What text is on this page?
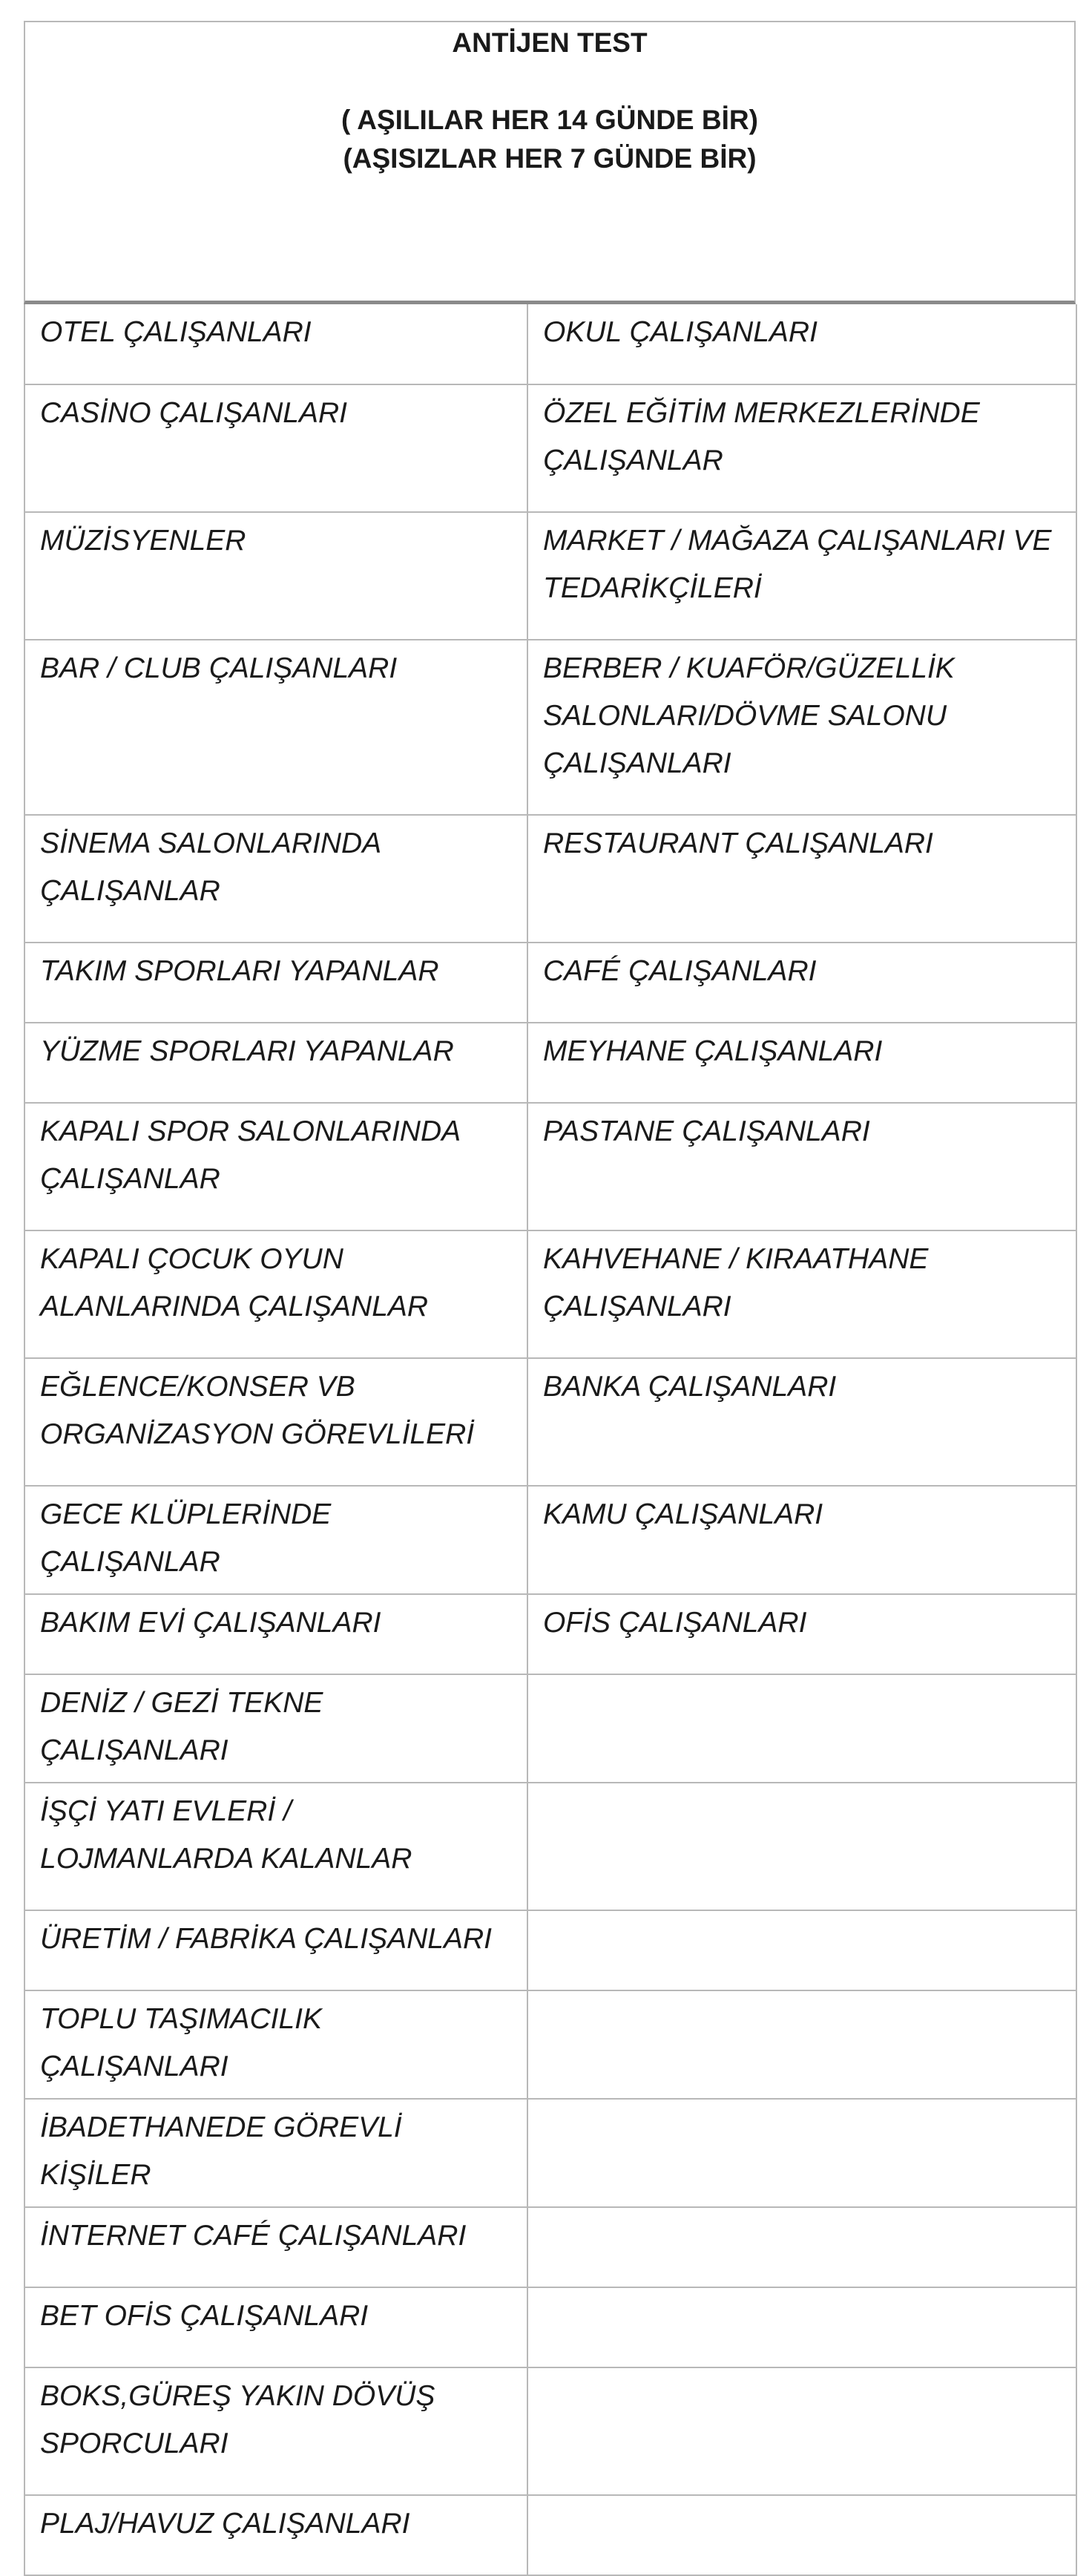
ANTİJEN TEST
( AŞILILAR HER 14 GÜNDE BİR)
(AŞISIZLAR HER 7 GÜNDE BİR)
OTEL ÇALIŞANLARI	OKUL ÇALIŞANLARI
CASİNO ÇALIŞANLARI	ÖZEL EĞİTİM MERKEZLERİNDE ÇALIŞANLAR
MÜZİSYENLER	MARKET / MAĞAZA ÇALIŞANLARI VE TEDARİKÇİLERİ
BAR / CLUB ÇALIŞANLARI	BERBER / KUAFÖR/GÜZELLİK SALONLARI/DÖVME SALONU ÇALIŞANLARI
SİNEMA SALONLARINDA ÇALIŞANLAR	RESTAURANT ÇALIŞANLARI
TAKIM SPORLARI YAPANLAR	CAFÉ ÇALIŞANLARI
YÜZME SPORLARI YAPANLAR	MEYHANE ÇALIŞANLARI
KAPALI SPOR SALONLARINDA ÇALIŞANLAR	PASTANE ÇALIŞANLARI
KAPALI ÇOCUK OYUN ALANLARINDA ÇALIŞANLAR	KAHVEHANE / KIRAATHANE ÇALIŞANLARI
EĞLENCE/KONSER VB ORGANİZASYON GÖREVLİLERİ	BANKA ÇALIŞANLARI
GECE KLÜPLERİNDE ÇALIŞANLAR	KAMU ÇALIŞANLARI
BAKIM EVİ ÇALIŞANLARI	OFİS ÇALIŞANLARI
DENİZ / GEZİ TEKNE ÇALIŞANLARI	
İŞÇİ YATI EVLERİ / LOJMANLARDA KALANLAR	
ÜRETİM / FABRİKA ÇALIŞANLARI	
TOPLU TAŞIMACILIK ÇALIŞANLARI	
İBADETHANEDE GÖREVLİ KİŞİLER	
İNTERNET CAFÉ ÇALIŞANLARI	
BET OFİS ÇALIŞANLARI	
BOKS,GÜREŞ YAKIN DÖVÜŞ SPORCULARI	
PLAJ/HAVUZ ÇALIŞANLARI	
